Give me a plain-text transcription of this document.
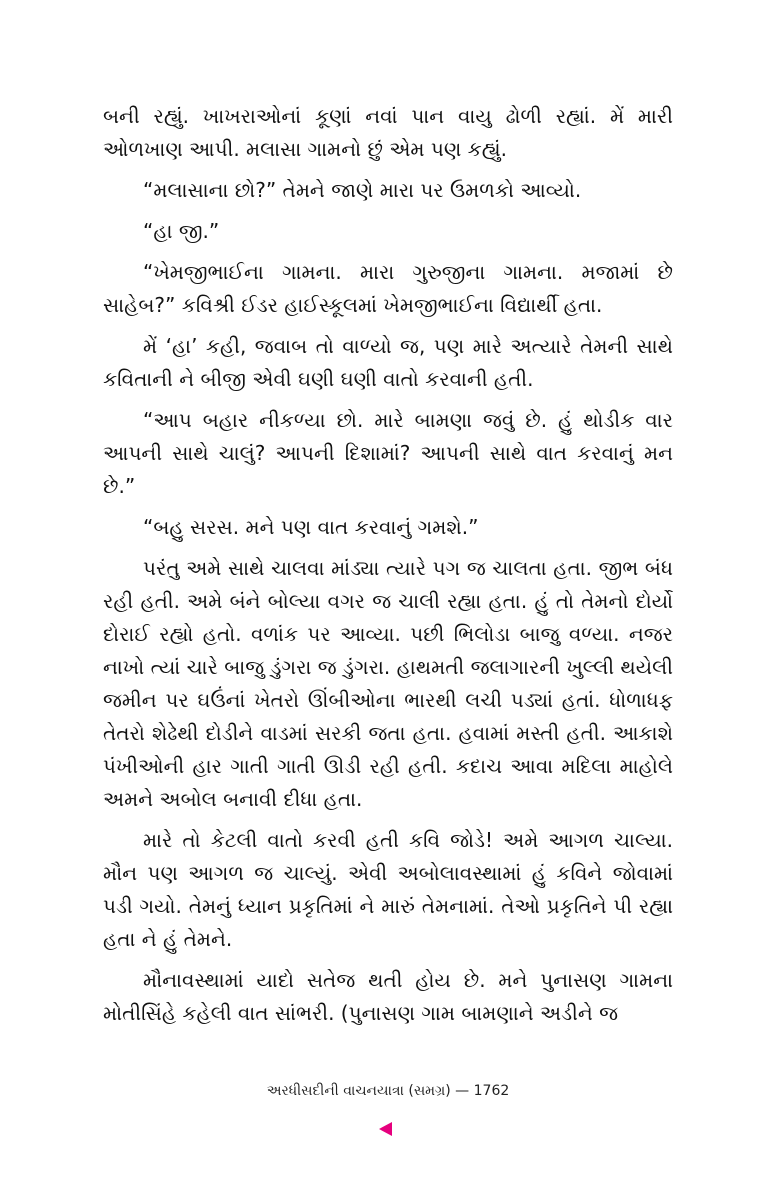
બની રહ્યું. ખાખરાઓનાં કૂણાં નવાં પાન વાયુ ઢોળી રહ્યાં. મેં મારી ઓળખાણ આપી. મલાસા ગામનો છું એમ પણ કહ્યું.

“મલાસાના છો?” તેમને જાણે મારા પર ઉમળકો આવ્યો.

“હા જી.”

“ખેમજીભાઈના ગામના. મારા ગુરુજીના ગામના. મજામાં છે સાહેબ?” કવિશ્રી ઈડર હાઈસ્કૂલમાં ખેમજીભાઈના વિદ્યાર્થી હતા.

મેં ‘હા’ કહી, જવાબ તો વાળ્યો જ, પણ મારે અત્યારે તેમની સાથે કવિતાની ને બીજી એવી ઘણી ઘણી વાતો કરવાની હતી.

“આપ બહાર નીકળ્યા છો. મારે બામણા જવું છે. હું થોડીક વાર આપની સાથે ચાલું? આપની દિશામાં? આપની સાથે વાત કરવાનું મન છે.”

“બહુ સરસ. મને પણ વાત કરવાનું ગમશે.”

પરંતુ અમે સાથે ચાલવા માંડ્યા ત્યારે પગ જ ચાલતા હતા. જીભ બંધ રહી હતી. અમે બંને બોલ્યા વગર જ ચાલી રહ્યા હતા. હું તો તેમનો દોર્યો દોરાઈ રહ્યો હતો. વળાંક પર આવ્યા. પછી ભિલોડા બાજુ વળ્યા. નજર નાખો ત્યાં ચારે બાજુ ડુંગરા જ ડુંગરા. હાથમતી જલાગારની ખુલ્લી થયેલી જમીન પર ઘઉંનાં ખેતરો ઊંબીઓના ભારથી લચી પડ્યાં હતાં. ધોળાધફ તેતરો શેઢેથી દોડીને વાડમાં સરકી જતા હતા. હવામાં મસ્તી હતી. આકાશે પંખીઓની હાર ગાતી ગાતી ઊડી રહી હતી. કદાચ આવા મદિલા માહોલે અમને અબોલ બનાવી દીધા હતા.

મારે તો કેટલી વાતો કરવી હતી કવિ જોડે! અમે આગળ ચાલ્યા. મૌન પણ આગળ જ ચાલ્યું. એવી અબોલાવસ્થામાં હું કવિને જોવામાં પડી ગયો. તેમનું ધ્યાન પ્રકૃતિમાં ને મારું તેમનામાં. તેઓ પ્રકૃતિને પી રહ્યા હતા ને હું તેમને.

મૌનાવસ્થામાં યાદો સતેજ થતી હોય છે. મને પુનાસણ ગામના મોતીસિંહે કહેલી વાત સાંભરી. (પુનાસણ ગામ બામણાને અડીને જ

અરધીસદીની વાચનયાત્રા (સમગ્ર) — 1762
